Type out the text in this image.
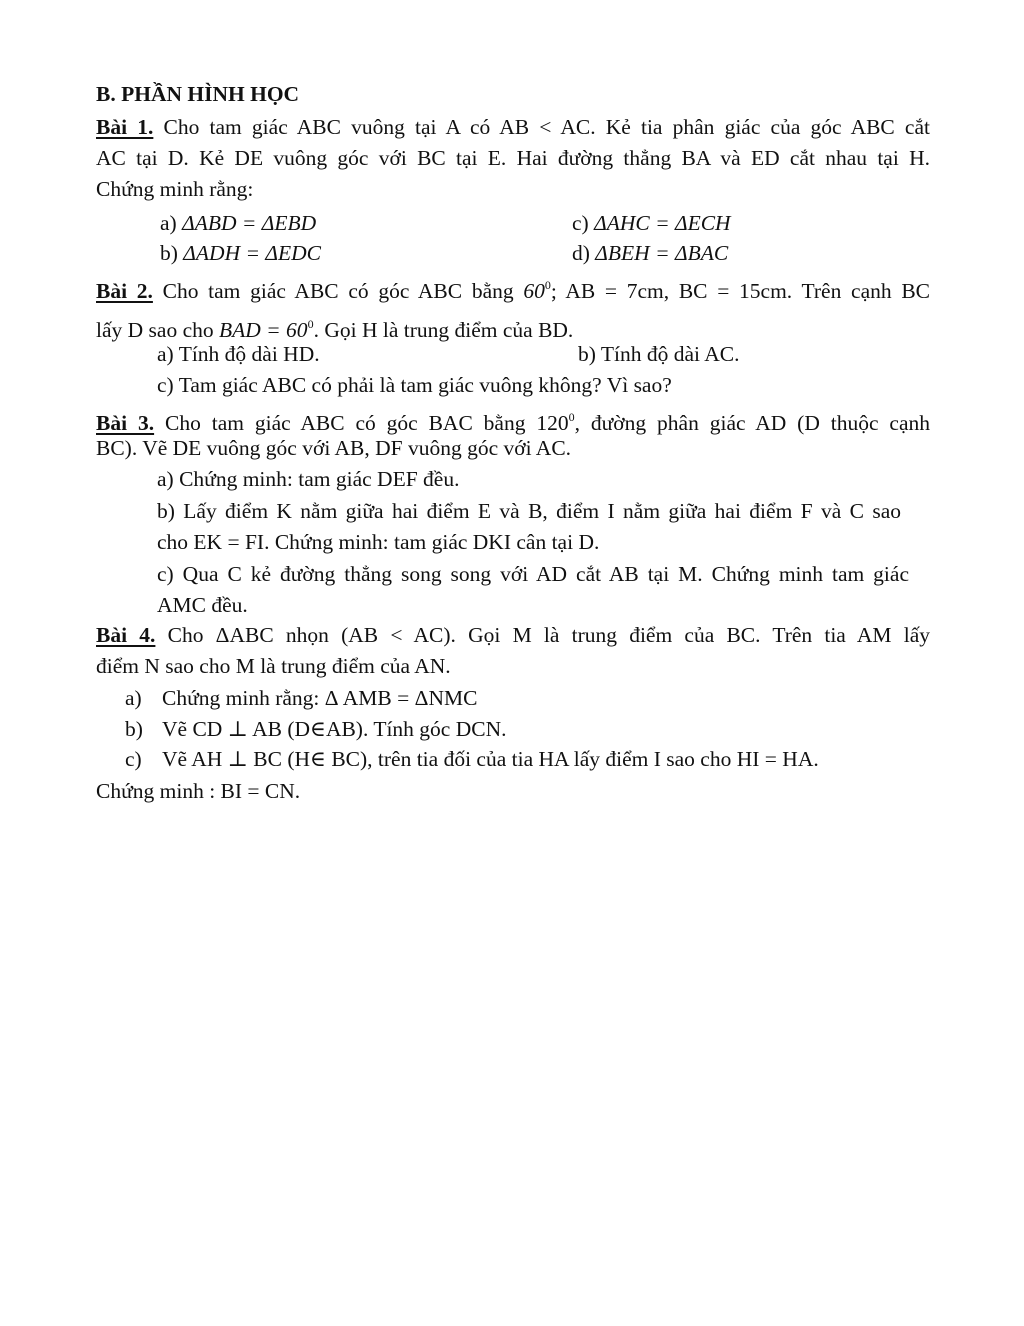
B. PHẦN HÌNH HỌC
Bài 1. Cho tam giác ABC vuông tại A có AB < AC. Kẻ tia phân giác của góc ABC cắt
AC tại D. Kẻ DE vuông góc với BC tại E. Hai đường thẳng BA và ED cắt nhau tại H.
Chứng minh rằng:
a) ΔABD = ΔEBD	c) ΔAHC = ΔECH
b) ΔADH = ΔEDC	d) ΔBEH = ΔBAC
Bài 2. Cho tam giác ABC có góc ABC bằng $60^0$; AB = 7cm, BC = 15cm. Trên cạnh BC
lấy D sao cho BAD = $60^0$. Gọi H là trung điểm của BD.
a) Tính độ dài HD.	b) Tính độ dài AC.
c) Tam giác ABC có phải là tam giác vuông không? Vì sao?
Bài 3. Cho tam giác ABC có góc BAC bằng $120^0$, đường phân giác AD (D thuộc cạnh
BC). Vẽ DE vuông góc với AB, DF vuông góc với AC.
a) Chứng minh: tam giác DEF đều.
b) Lấy điểm K nằm giữa hai điểm E và B, điểm I nằm giữa hai điểm F và C sao
cho EK = FI. Chứng minh: tam giác DKI cân tại D.
c) Qua C kẻ đường thẳng song song với AD cắt AB tại M. Chứng minh tam giác
AMC đều.
Bài 4. Cho ΔABC nhọn (AB < AC). Gọi M là trung điểm của BC. Trên tia AM lấy
điểm N sao cho M là trung điểm của AN.
a) Chứng minh rằng: Δ AMB = ΔNMC
b) Vẽ CD ⊥ AB (D∈AB). Tính góc DCN.
c) Vẽ AH ⊥ BC (H∈ BC), trên tia đối của tia HA lấy điểm I sao cho HI = HA.
Chứng minh : BI = CN.
